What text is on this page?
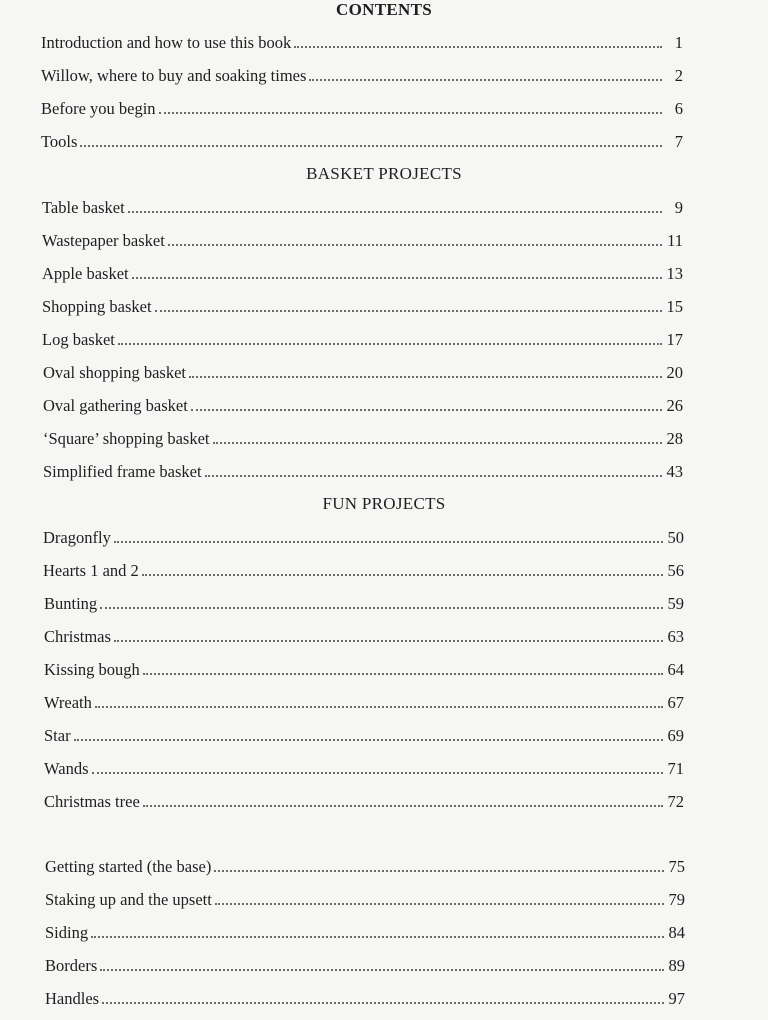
CONTENTS
Introduction and how to use this book	1
Willow, where to buy and soaking times	2
Before you begin	6
Tools	7
BASKET PROJECTS
Table basket	9
Wastepaper basket	11
Apple basket	13
Shopping basket	15
Log basket	17
Oval shopping basket	20
Oval gathering basket	26
‘Square’ shopping basket	28
Simplified frame basket	43
FUN PROJECTS
Dragonfly	50
Hearts 1 and 2	56
Bunting	59
Christmas	63
Kissing bough	64
Wreath	67
Star	69
Wands	71
Christmas tree	72
Getting started (the base)	75
Staking up and the upsett	79
Siding	84
Borders	89
Handles	97
